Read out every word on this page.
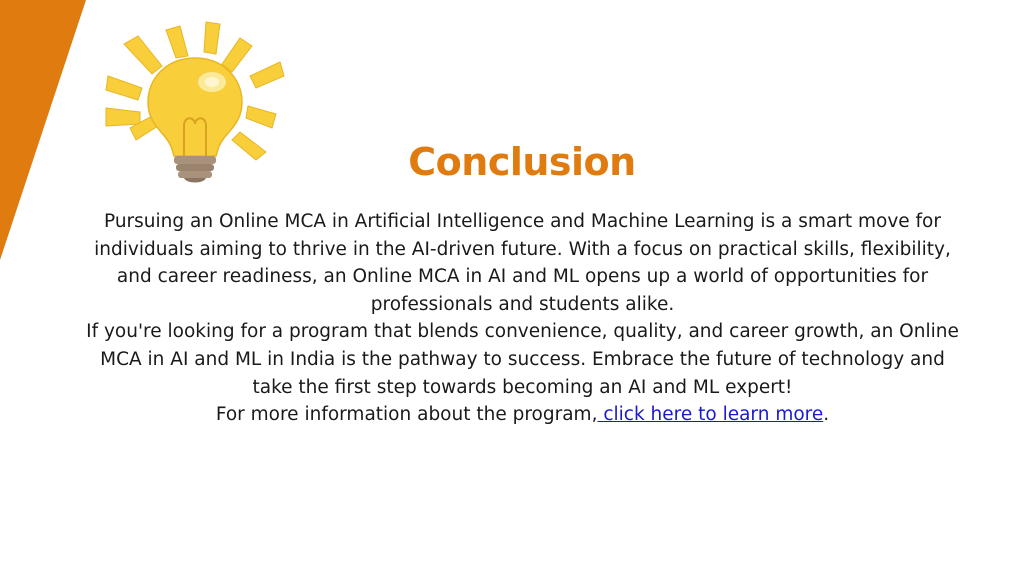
Conclusion

Pursuing an Online MCA in Artificial Intelligence and Machine Learning is a smart move for individuals aiming to thrive in the AI-driven future. With a focus on practical skills, flexibility, and career readiness, an Online MCA in AI and ML opens up a world of opportunities for professionals and students alike.

If you're looking for a program that blends convenience, quality, and career growth, an Online MCA in AI and ML in India is the pathway to success. Embrace the future of technology and take the first step towards becoming an AI and ML expert!

For more information about the program, click here to learn more.
